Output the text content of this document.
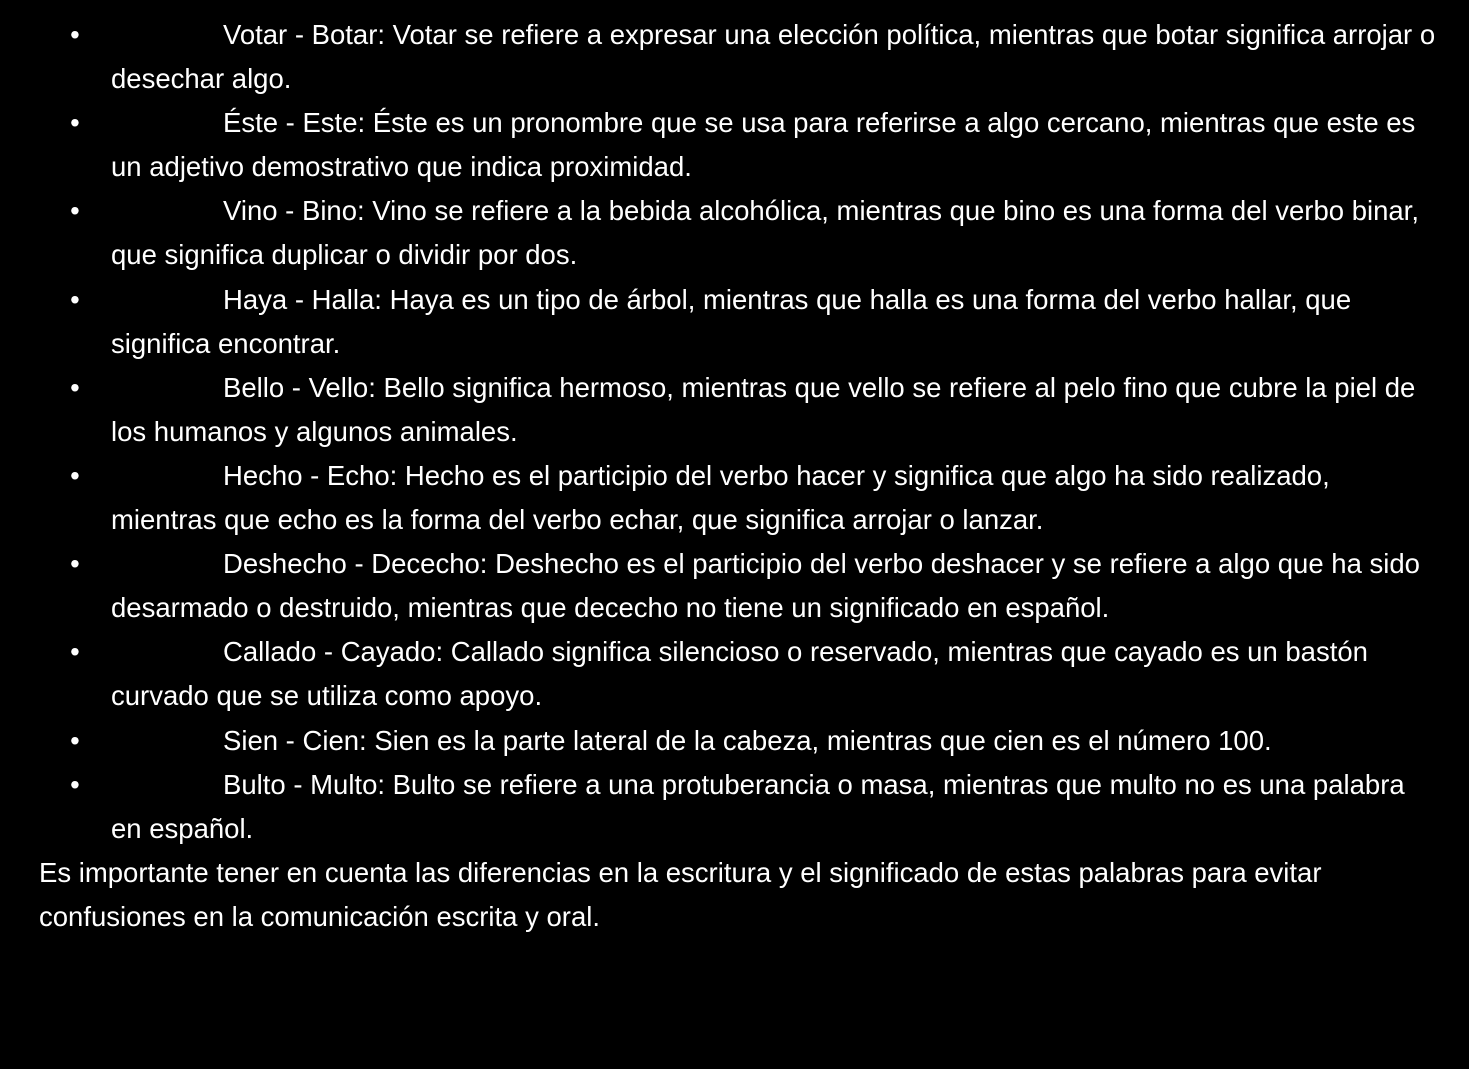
•	Votar - Botar: Votar se refiere a expresar una elección política, mientras que botar significa arrojar o desechar algo.
•	Éste - Este: Éste es un pronombre que se usa para referirse a algo cercano, mientras que este es un adjetivo demostrativo que indica proximidad.
•	Vino - Bino: Vino se refiere a la bebida alcohólica, mientras que bino es una forma del verbo binar, que significa duplicar o dividir por dos.
•	Haya - Halla: Haya es un tipo de árbol, mientras que halla es una forma del verbo hallar, que significa encontrar.
•	Bello - Vello: Bello significa hermoso, mientras que vello se refiere al pelo fino que cubre la piel de los humanos y algunos animales.
•	Hecho - Echo: Hecho es el participio del verbo hacer y significa que algo ha sido realizado, mientras que echo es la forma del verbo echar, que significa arrojar o lanzar.
•	Deshecho - Dececho: Deshecho es el participio del verbo deshacer y se refiere a algo que ha sido desarmado o destruido, mientras que dececho no tiene un significado en español.
•	Callado - Cayado: Callado significa silencioso o reservado, mientras que cayado es un bastón curvado que se utiliza como apoyo.
•	Sien - Cien: Sien es la parte lateral de la cabeza, mientras que cien es el número 100.
•	Bulto - Multo: Bulto se refiere a una protuberancia o masa, mientras que multo no es una palabra en español.

Es importante tener en cuenta las diferencias en la escritura y el significado de estas palabras para evitar confusiones en la comunicación escrita y oral.
